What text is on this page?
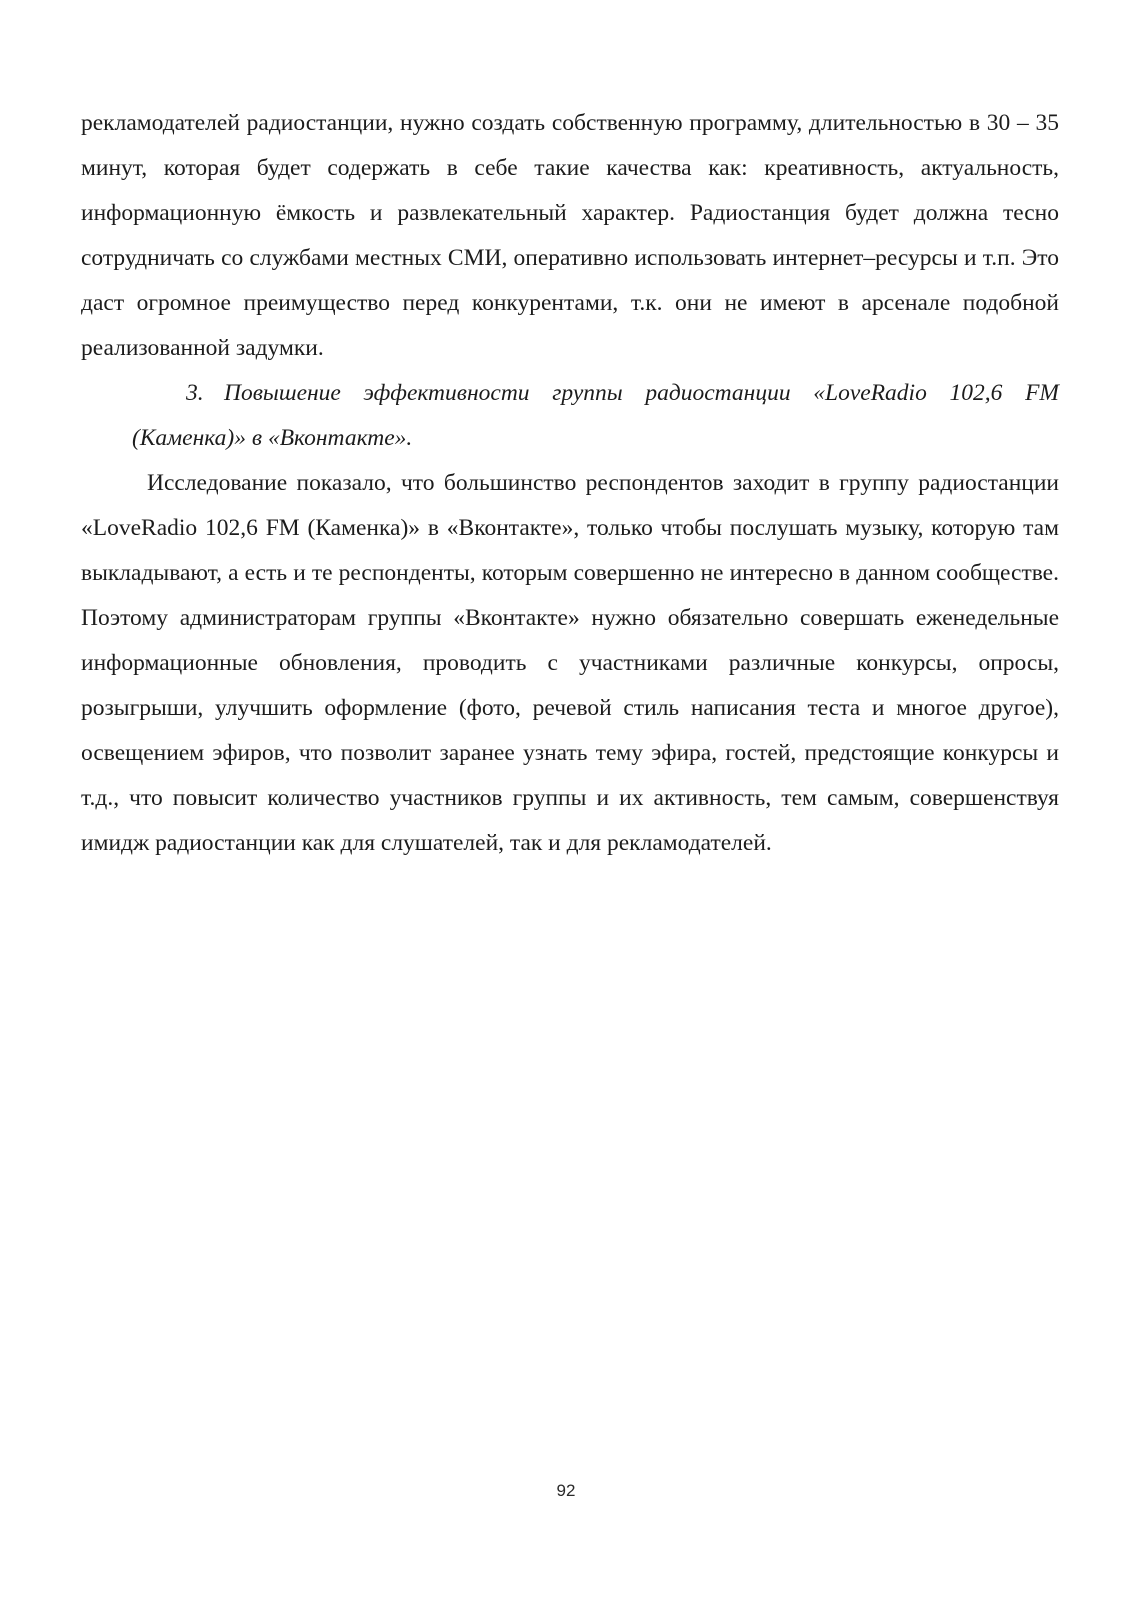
рекламодателей радиостанции, нужно создать собственную программу, длительностью в 30 – 35 минут, которая будет содержать в себе такие качества как: креативность, актуальность, информационную ёмкость и развлекательный характер. Радиостанция будет должна тесно сотрудничать со службами местных СМИ, оперативно использовать интернет–ресурсы и т.п. Это даст огромное преимущество перед конкурентами, т.к. они не имеют в арсенале подобной реализованной задумки.

3. Повышение эффективности группы радиостанции «LoveRadio 102,6 FM (Каменка)» в «Вконтакте».

Исследование показало, что большинство респондентов заходит в группу радиостанции «LoveRadio 102,6 FM (Каменка)» в «Вконтакте», только чтобы послушать музыку, которую там выкладывают, а есть и те респонденты, которым совершенно не интересно в данном сообществе. Поэтому администраторам группы «Вконтакте» нужно обязательно совершать еженедельные информационные обновления, проводить с участниками различные конкурсы, опросы, розыгрыши, улучшить оформление (фото, речевой стиль написания теста и многое другое), освещением эфиров, что позволит заранее узнать тему эфира, гостей, предстоящие конкурсы и т.д., что повысит количество участников группы и их активность, тем самым, совершенствуя имидж радиостанции как для слушателей, так и для рекламодателей.

92
